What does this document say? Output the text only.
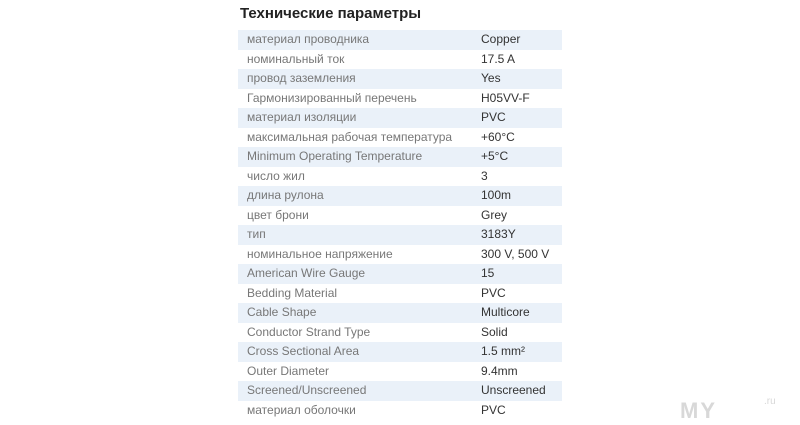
Технические параметры
материал проводника	Copper
номинальный ток	17.5 A
провод заземления	Yes
Гармонизированный перечень	H05VV-F
материал изоляции	PVC
максимальная рабочая температура	+60°C
Minimum Operating Temperature	+5°C
число жил	3
длина рулона	100m
цвет брони	Grey
тип	3183Y
номинальное напряжение	300 V, 500 V
American Wire Gauge	15
Bedding Material	PVC
Cable Shape	Multicore
Conductor Strand Type	Solid
Cross Sectional Area	1.5 mm²
Outer Diameter	9.4mm
Screened/Unscreened	Unscreened
материал оболочки	PVC	MY	.ru
